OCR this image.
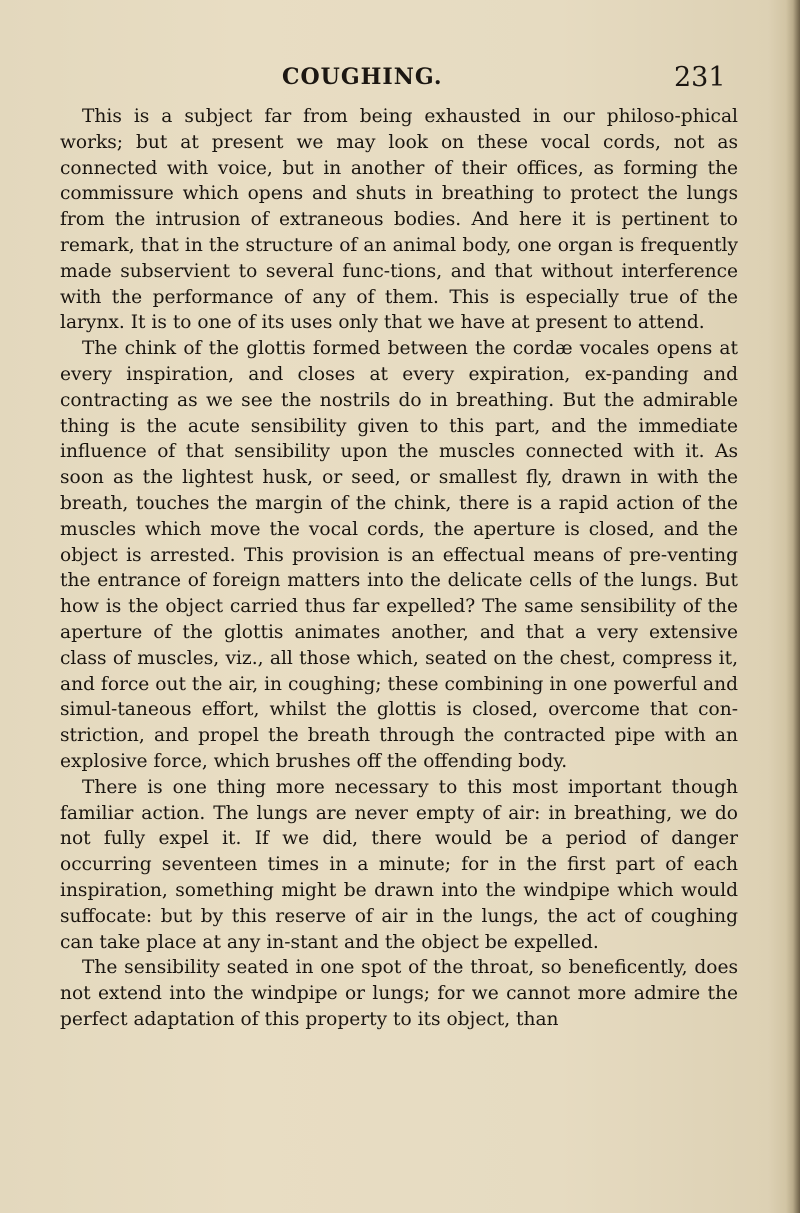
COUGHING.	231

This is a subject far from being exhausted in our philoso-phical works; but at present we may look on these vocal cords, not as connected with voice, but in another of their offices, as forming the commissure which opens and shuts in breathing to protect the lungs from the intrusion of extraneous bodies. And here it is pertinent to remark, that in the structure of an animal body, one organ is frequently made subservient to several func-tions, and that without interference with the performance of any of them. This is especially true of the larynx. It is to one of its uses only that we have at present to attend.

The chink of the glottis formed between the cordæ vocales opens at every inspiration, and closes at every expiration, ex-panding and contracting as we see the nostrils do in breathing. But the admirable thing is the acute sensibility given to this part, and the immediate influence of that sensibility upon the muscles connected with it. As soon as the lightest husk, or seed, or smallest fly, drawn in with the breath, touches the margin of the chink, there is a rapid action of the muscles which move the vocal cords, the aperture is closed, and the object is arrested. This provision is an effectual means of pre-venting the entrance of foreign matters into the delicate cells of the lungs. But how is the object carried thus far expelled? The same sensibility of the aperture of the glottis animates another, and that a very extensive class of muscles, viz., all those which, seated on the chest, compress it, and force out the air, in coughing; these combining in one powerful and simul-taneous effort, whilst the glottis is closed, overcome that con-striction, and propel the breath through the contracted pipe with an explosive force, which brushes off the offending body.

There is one thing more necessary to this most important though familiar action. The lungs are never empty of air: in breathing, we do not fully expel it. If we did, there would be a period of danger occurring seventeen times in a minute; for in the first part of each inspiration, something might be drawn into the windpipe which would suffocate: but by this reserve of air in the lungs, the act of coughing can take place at any in-stant and the object be expelled.

The sensibility seated in one spot of the throat, so beneficently, does not extend into the windpipe or lungs; for we cannot more admire the perfect adaptation of this property to its object, than
